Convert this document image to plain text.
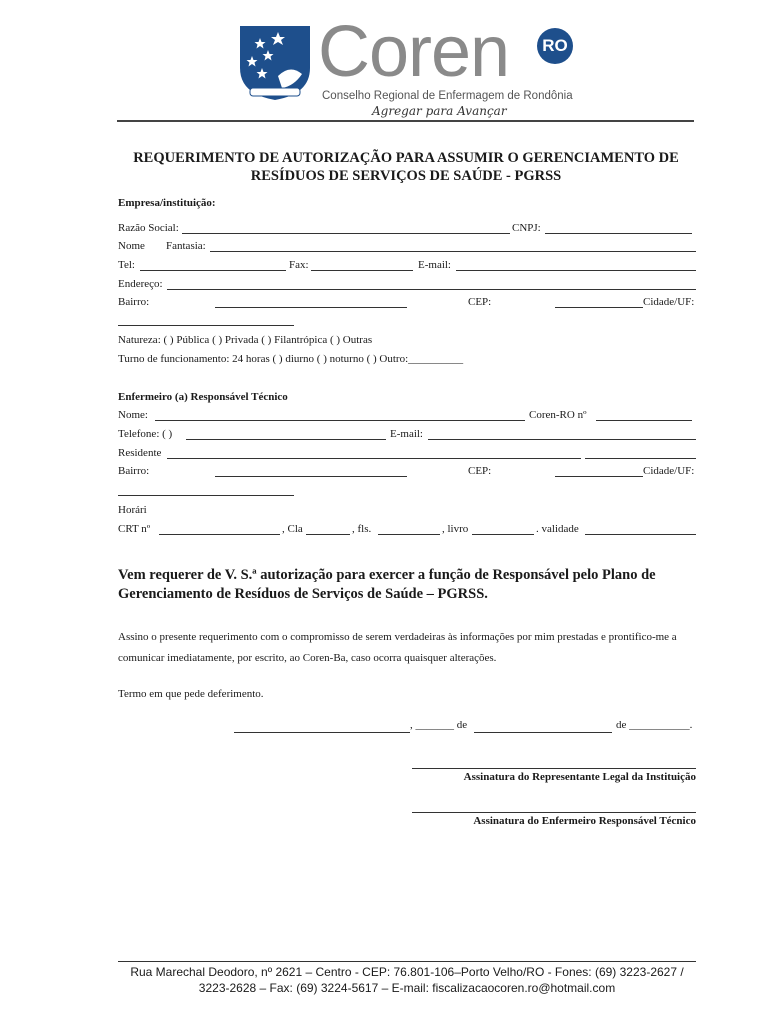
Coren	RO
Conselho Regional de Enfermagem de Rondônia
Agregar para Avançar
REQUERIMENTO DE AUTORIZAÇÃO PARA ASSUMIR O GERENCIAMENTO DE RESÍDUOS DE SERVIÇOS DE SAÚDE - PGRSS
Empresa/instituição:
Razão Social:	CNPJ:
Nome Fantasia:
Tel:	Fax:	E-mail:
Endereço:
Bairro:	CEP:	Cidade/UF:
Natureza: ( ) Pública ( ) Privada ( ) Filantrópica ( ) Outras
Turno de funcionamento: 24 horas ( ) diurno ( ) noturno ( ) Outro:__________
Enfermeiro (a) Responsável Técnico
Nome:	Coren-RO nº
Telefone: ( )	E-mail:
Residente
Bairro:	CEP:	Cidade/UF:
Horári
CRT nº	, Cla	, fls.	, livro	. validade
Vem requerer de V. S.ª autorização para exercer a função de Responsável pelo Plano de Gerenciamento de Resíduos de Serviços de Saúde – PGRSS.
Assino o presente requerimento com o compromisso de serem verdadeiras às informações por mim prestadas e prontifico-me a comunicar imediatamente, por escrito, ao Coren-Ba, caso ocorra quaisquer alterações.
Termo em que pede deferimento.
, _______ de	de ___________.
Assinatura do Representante Legal da Instituição
Assinatura do Enfermeiro Responsável Técnico
Rua Marechal Deodoro, nº 2621 – Centro - CEP: 76.801-106–Porto Velho/RO - Fones: (69) 3223-2627 /
3223-2628 – Fax: (69) 3224-5617 – E-mail: fiscalizacaocoren.ro@hotmail.com
